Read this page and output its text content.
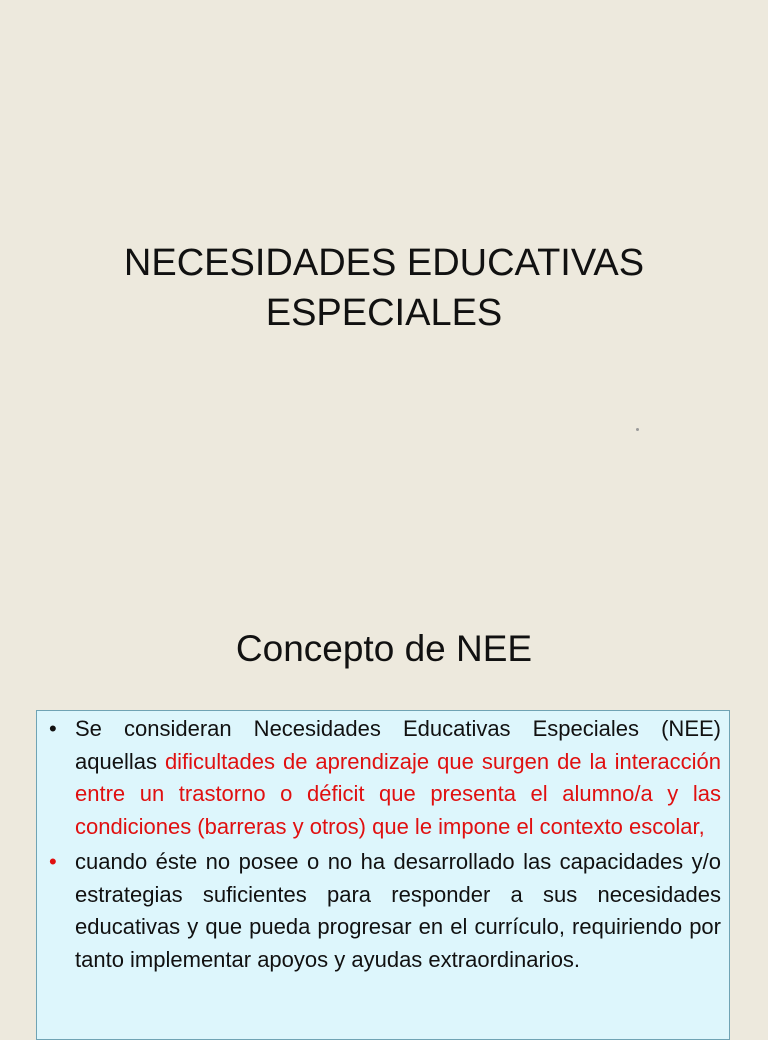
NECESIDADES EDUCATIVAS
ESPECIALES
Concepto de NEE
• Se consideran Necesidades Educativas Especiales (NEE) aquellas dificultades de aprendizaje que surgen de la interacción entre un trastorno o déficit que presenta el alumno/a y las condiciones (barreras y otros) que le impone el contexto escolar,
• cuando éste no posee o no ha desarrollado las capacidades y/o estrategias suficientes para responder a sus necesidades educativas y que pueda progresar en el currículo, requiriendo por tanto implementar apoyos y ayudas extraordinarios.
